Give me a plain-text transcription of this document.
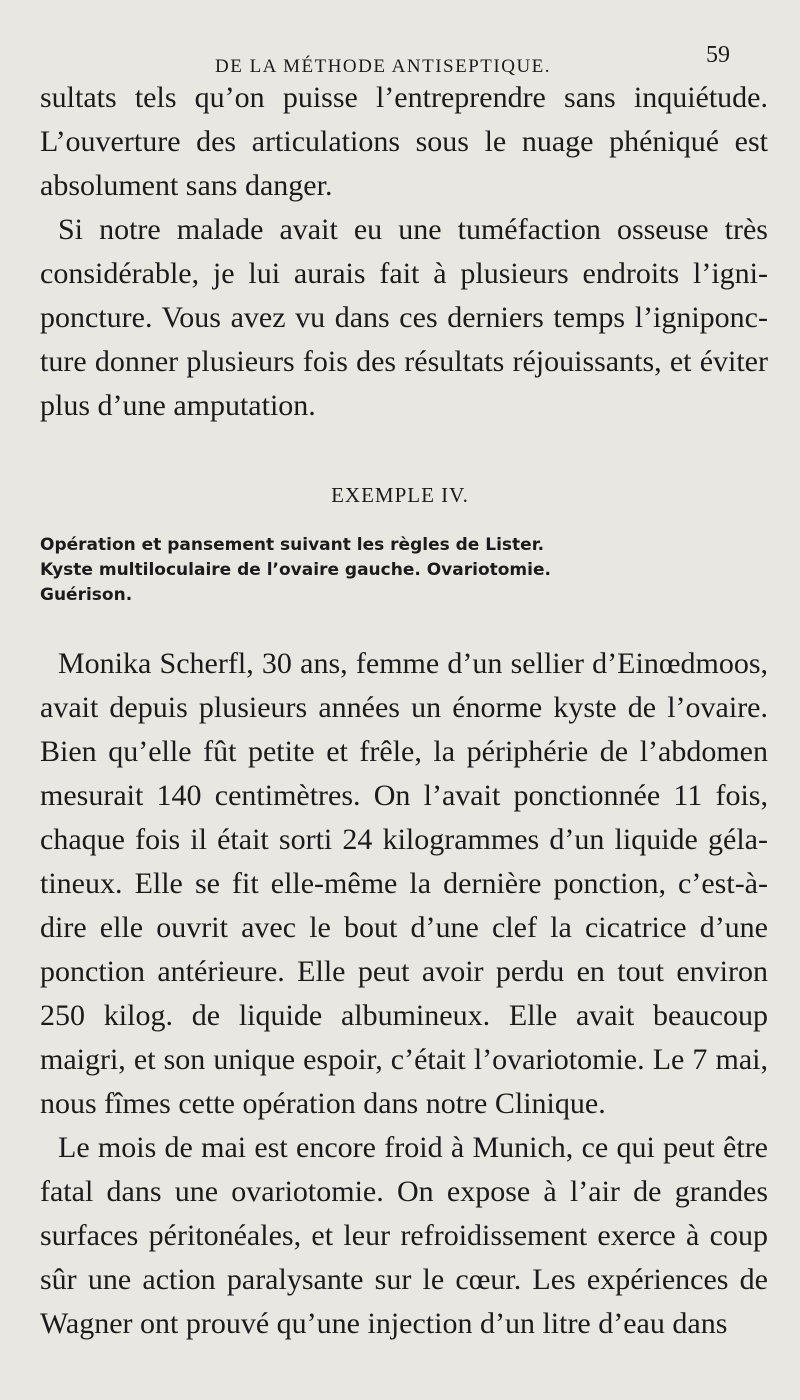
DE LA MÉTHODE ANTISEPTIQUE.	59

sultats tels qu’on puisse l’entreprendre sans inquiétude. L’ouverture des articulations sous le nuage phéniqué est absolument sans danger.

Si notre malade avait eu une tuméfaction osseuse très considérable, je lui aurais fait à plusieurs endroits l’igni-poncture. Vous avez vu dans ces derniers temps l’igniponc-ture donner plusieurs fois des résultats réjouissants, et éviter plus d’une amputation.

EXEMPLE IV.
Opération et pansement suivant les règles de Lister.
Kyste multiloculaire de l’ovaire gauche. Ovariotomie.
Guérison.

Monika Scherfl, 30 ans, femme d’un sellier d’Einœdmoos, avait depuis plusieurs années un énorme kyste de l’ovaire. Bien qu’elle fût petite et frêle, la périphérie de l’abdomen mesurait 140 centimètres. On l’avait ponctionnée 11 fois, chaque fois il était sorti 24 kilogrammes d’un liquide géla-tineux. Elle se fit elle-même la dernière ponction, c’est-à-dire elle ouvrit avec le bout d’une clef la cicatrice d’une ponction antérieure. Elle peut avoir perdu en tout environ 250 kilog. de liquide albumineux. Elle avait beaucoup maigri, et son unique espoir, c’était l’ovariotomie. Le 7 mai, nous fîmes cette opération dans notre Clinique.

Le mois de mai est encore froid à Munich, ce qui peut être fatal dans une ovariotomie. On expose à l’air de grandes surfaces péritonéales, et leur refroidissement exerce à coup sûr une action paralysante sur le cœur. Les expériences de Wagner ont prouvé qu’une injection d’un litre d’eau dans
